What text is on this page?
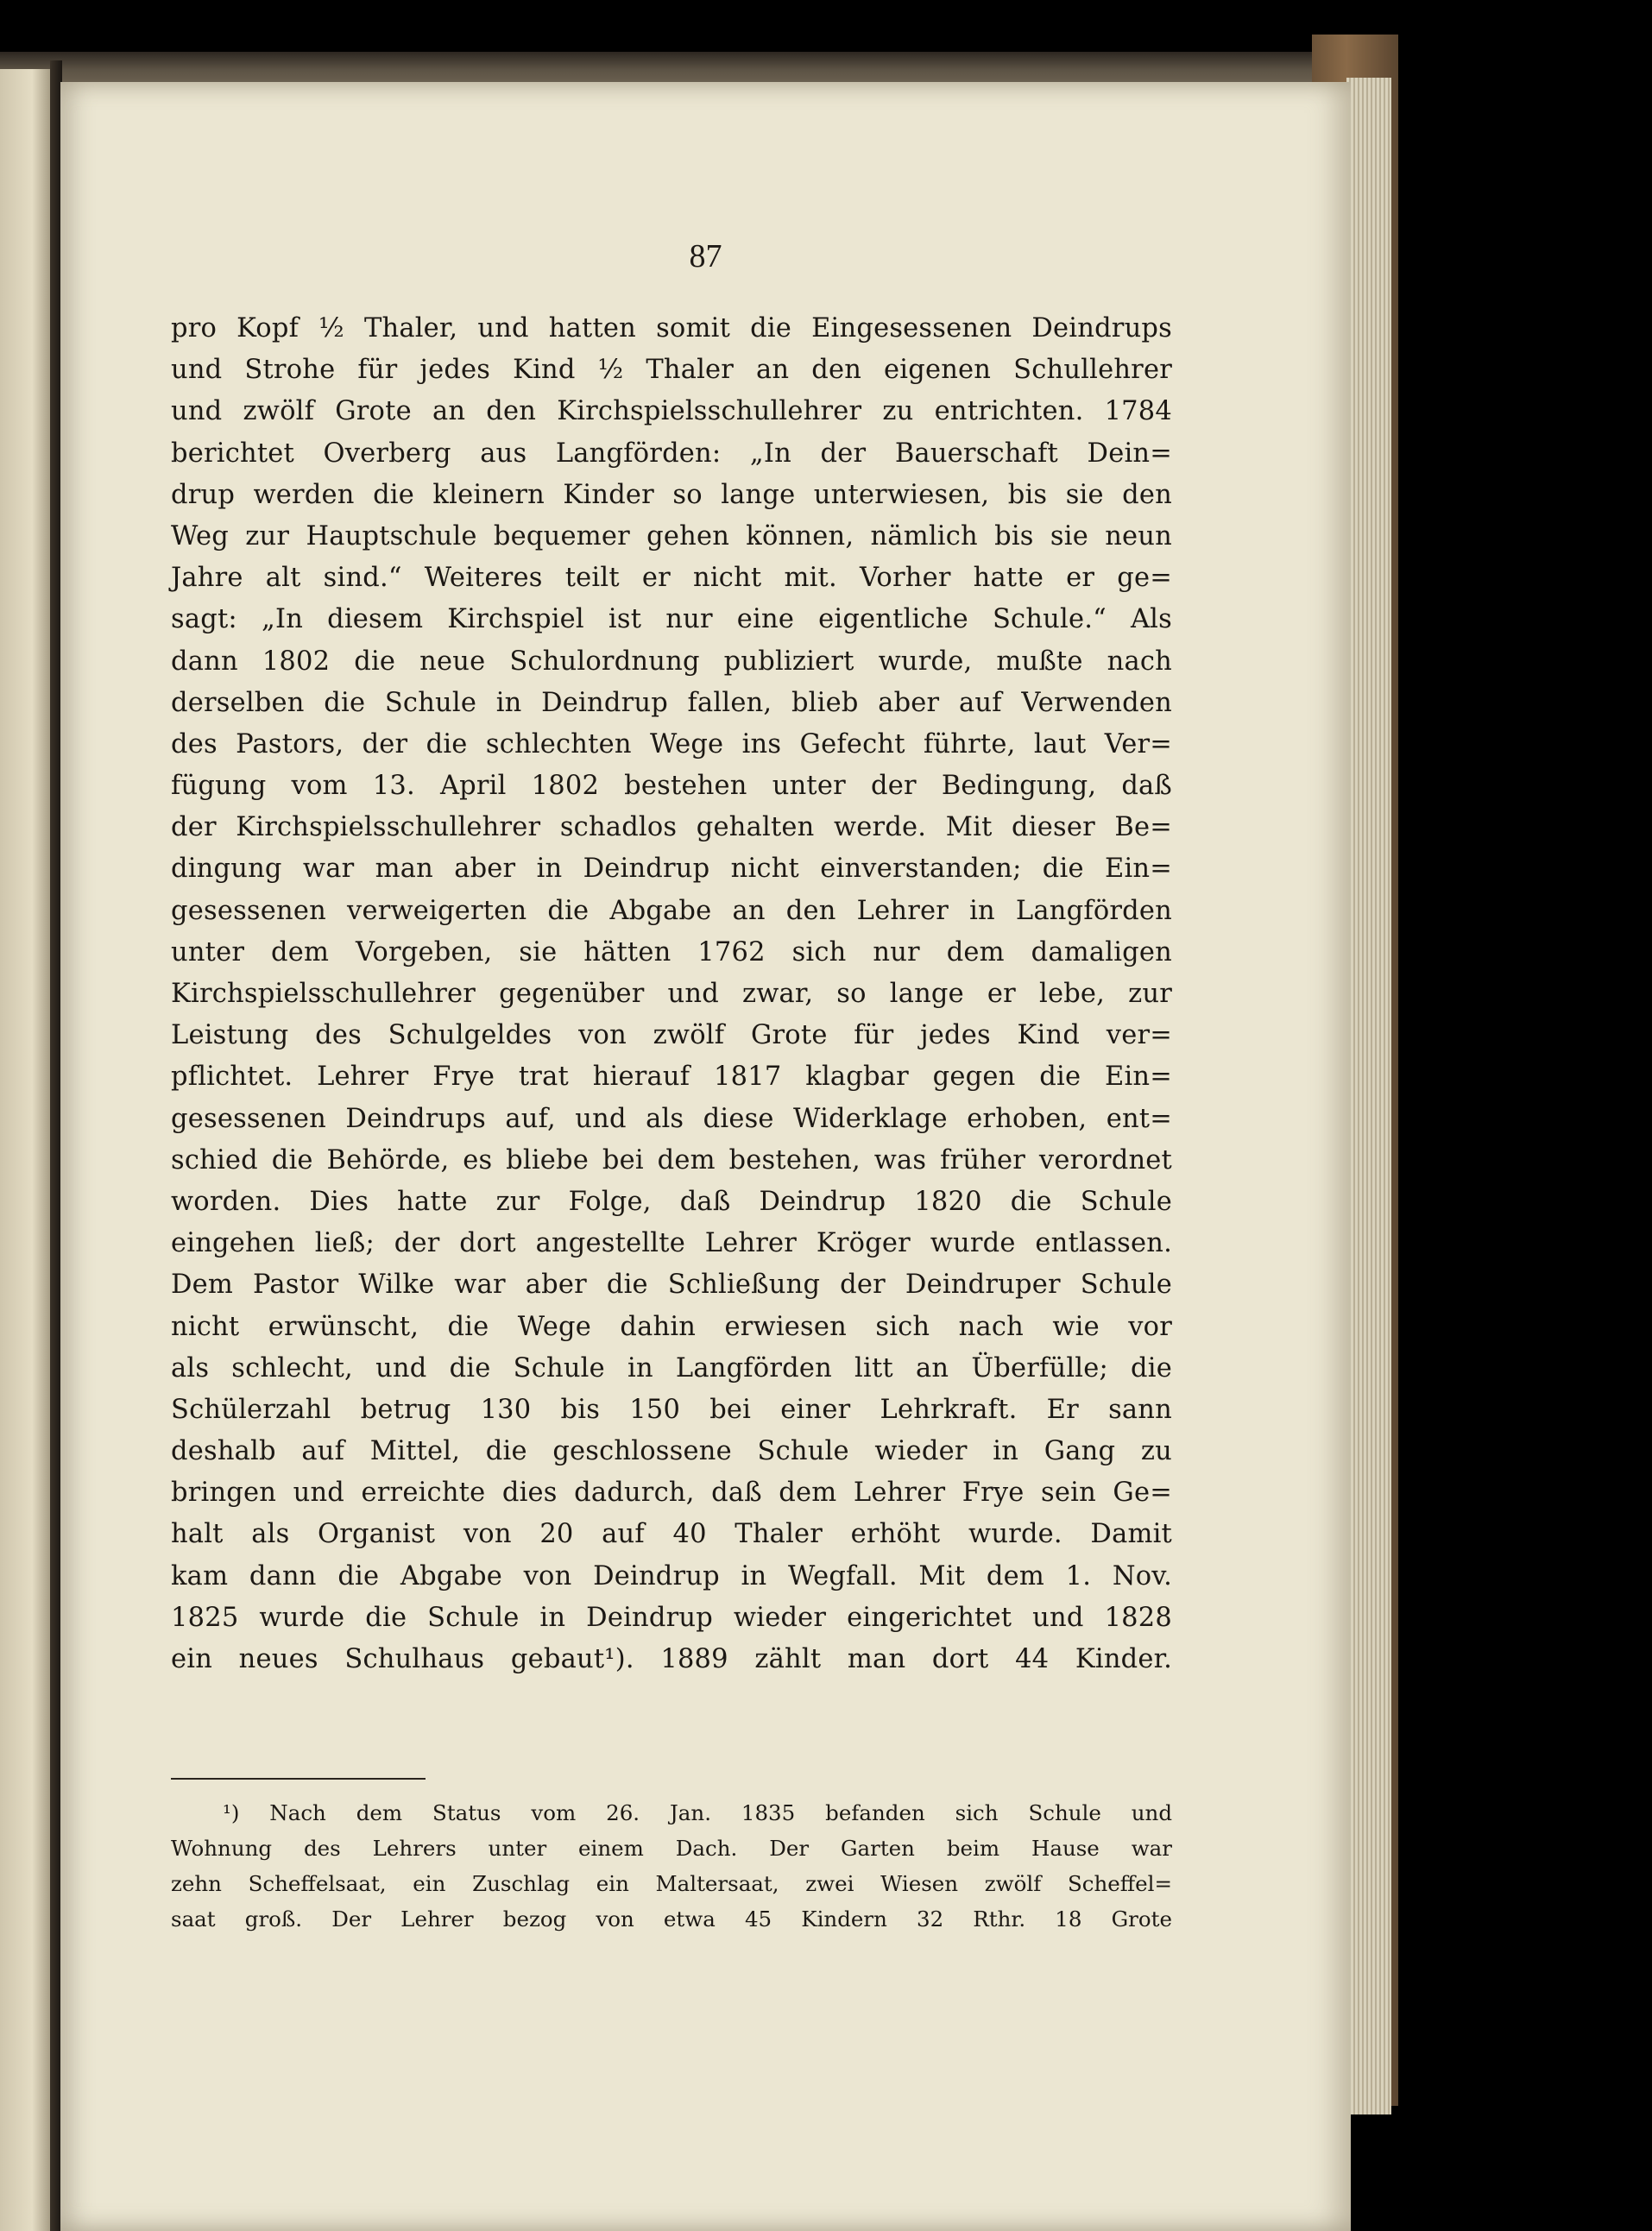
87
pro Kopf ½ Thaler, und hatten somit die Eingesessenen Deindrups
und Strohe für jedes Kind ½ Thaler an den eigenen Schullehrer
und zwölf Grote an den Kirchspielsschullehrer zu entrichten. 1784
berichtet Overberg aus Langförden: „In der Bauerschaft Dein=
drup werden die kleinern Kinder so lange unterwiesen, bis sie den
Weg zur Hauptschule bequemer gehen können, nämlich bis sie neun
Jahre alt sind.“ Weiteres teilt er nicht mit. Vorher hatte er ge=
sagt: „In diesem Kirchspiel ist nur eine eigentliche Schule.“ Als
dann 1802 die neue Schulordnung publiziert wurde, mußte nach
derselben die Schule in Deindrup fallen, blieb aber auf Verwenden
des Pastors, der die schlechten Wege ins Gefecht führte, laut Ver=
fügung vom 13. April 1802 bestehen unter der Bedingung, daß
der Kirchspielsschullehrer schadlos gehalten werde. Mit dieser Be=
dingung war man aber in Deindrup nicht einverstanden; die Ein=
gesessenen verweigerten die Abgabe an den Lehrer in Langförden
unter dem Vorgeben, sie hätten 1762 sich nur dem damaligen
Kirchspielsschullehrer gegenüber und zwar, so lange er lebe, zur
Leistung des Schulgeldes von zwölf Grote für jedes Kind ver=
pflichtet. Lehrer Frye trat hierauf 1817 klagbar gegen die Ein=
gesessenen Deindrups auf, und als diese Widerklage erhoben, ent=
schied die Behörde, es bliebe bei dem bestehen, was früher verordnet
worden. Dies hatte zur Folge, daß Deindrup 1820 die Schule
eingehen ließ; der dort angestellte Lehrer Kröger wurde entlassen.
Dem Pastor Wilke war aber die Schließung der Deindruper Schule
nicht erwünscht, die Wege dahin erwiesen sich nach wie vor
als schlecht, und die Schule in Langförden litt an Überfülle; die
Schülerzahl betrug 130 bis 150 bei einer Lehrkraft. Er sann
deshalb auf Mittel, die geschlossene Schule wieder in Gang zu
bringen und erreichte dies dadurch, daß dem Lehrer Frye sein Ge=
halt als Organist von 20 auf 40 Thaler erhöht wurde. Damit
kam dann die Abgabe von Deindrup in Wegfall. Mit dem 1. Nov.
1825 wurde die Schule in Deindrup wieder eingerichtet und 1828
ein neues Schulhaus gebaut¹). 1889 zählt man dort 44 Kinder.
¹) Nach dem Status vom 26. Jan. 1835 befanden sich Schule und
Wohnung des Lehrers unter einem Dach. Der Garten beim Hause war
zehn Scheffelsaat, ein Zuschlag ein Maltersaat, zwei Wiesen zwölf Scheffel=
saat groß. Der Lehrer bezog von etwa 45 Kindern 32 Rthr. 18 Grote
